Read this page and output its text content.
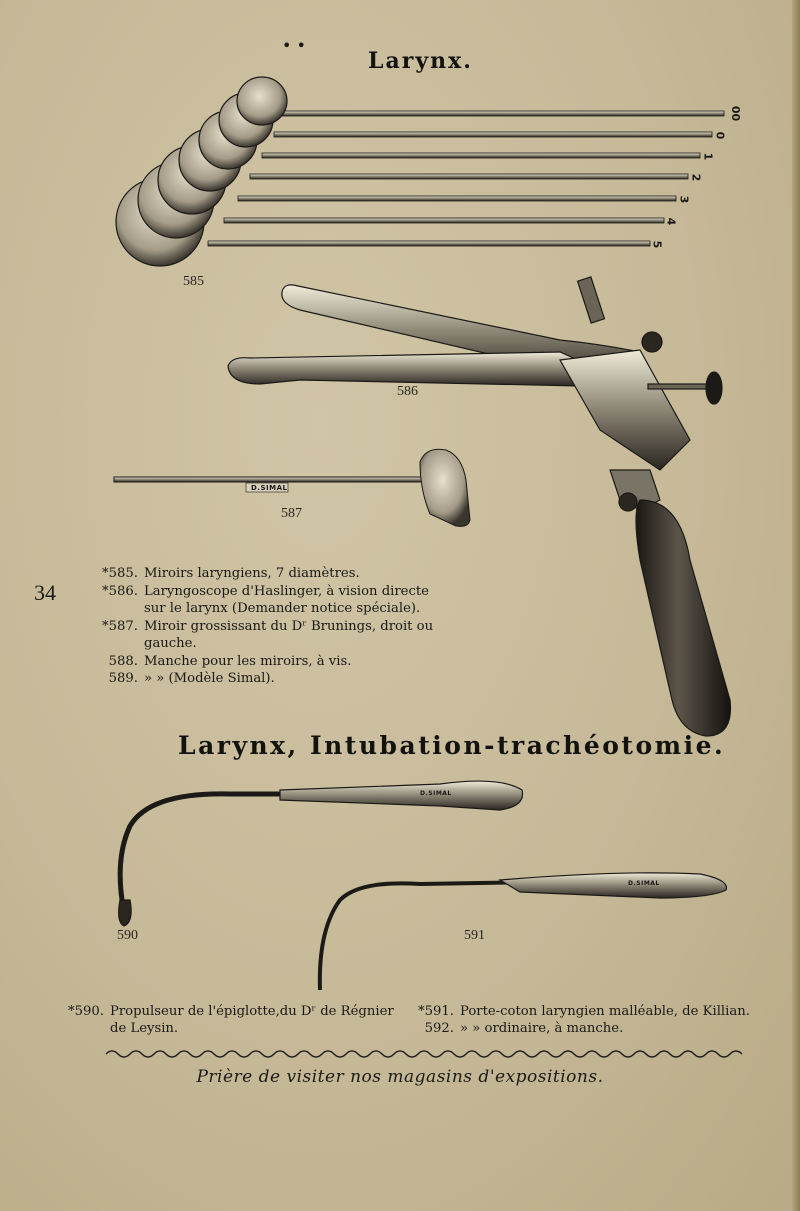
• •
Larynx.
00
0
1
2
3
4
5
D.SIMAL
D.SIMAL
D.SIMAL
585
586
587
590	591
34
*585. Miroirs laryngiens, 7 diamètres.
*586. Laryngoscope d'Haslinger, à vision directe
sur le larynx (Demander notice spéciale).
*587. Miroir grossissant du Dʳ Brunings, droit ou
gauche.
588. Manche pour les miroirs, à vis.
589. » » (Modèle Simal).
Larynx, Intubation-trachéotomie.
*590. Propulseur de l'épiglotte,du Dʳ de Régnier
de Leysin.
*591. Porte-coton laryngien malléable, de Killian.
592. » » ordinaire, à manche.
Prière de visiter nos magasins d'expositions.
